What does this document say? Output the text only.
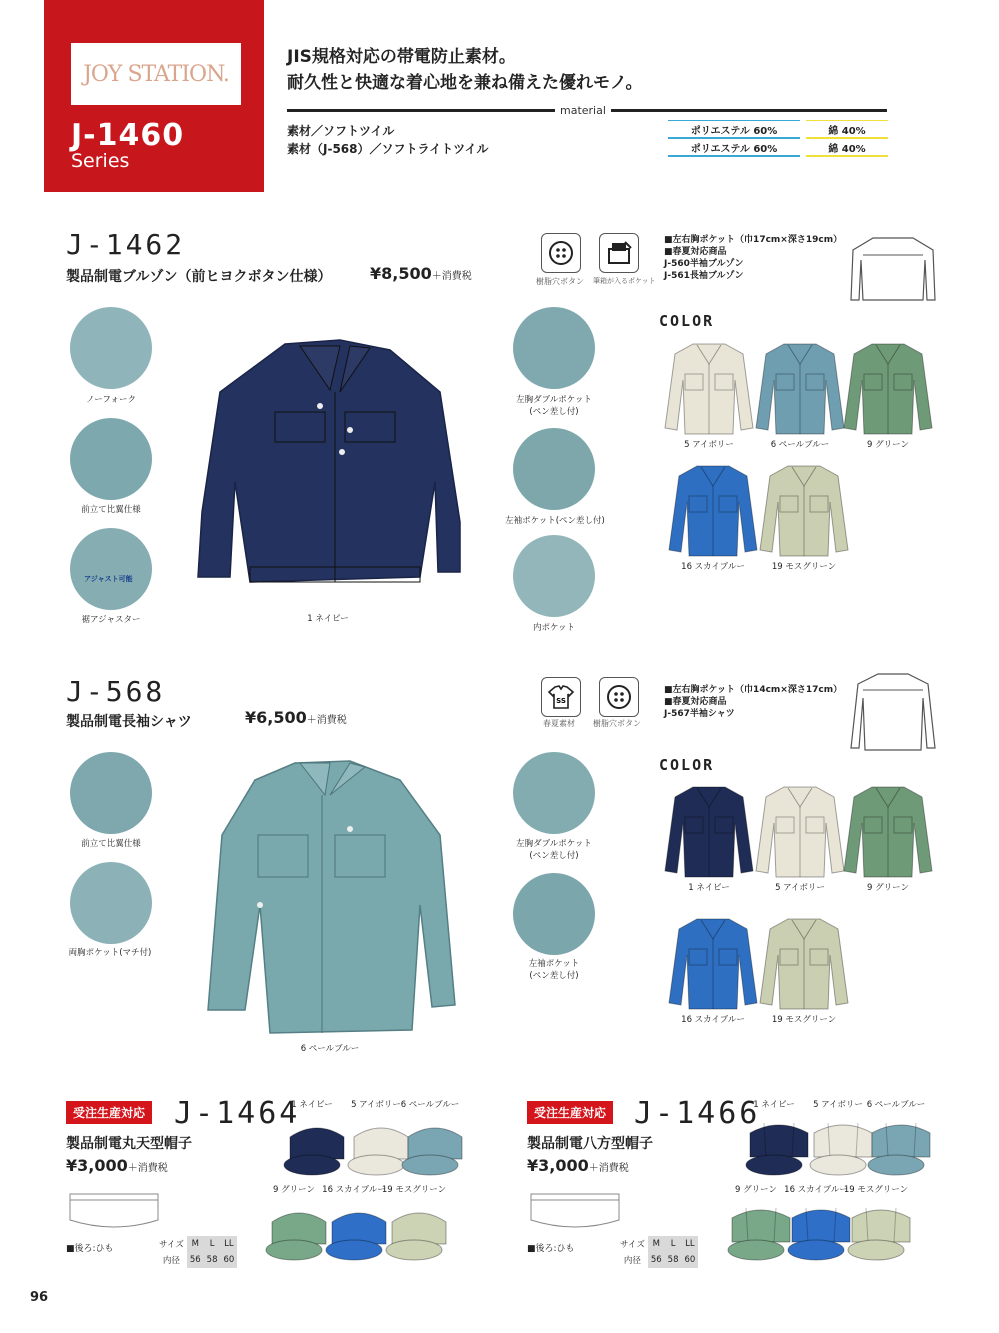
JOY STATION.
J-1460
Series
JIS規格対応の帯電防止素材。
耐久性と快適な着心地を兼ね備えた優れモノ。
material
素材／ソフトツイル
素材（J-568）／ソフトライトツイル
ポリエステル 60%	綿 40%
ポリエステル 60%	綿 40%
J-1462
製品制電ブルゾン（前ヒヨクボタン仕様） ¥8,500＋消費税	樹脂穴ボタン 筆箱が入るポケット
■左右胸ポケット（巾17cm×深さ19cm）
■春夏対応商品
J-560半袖ブルゾン
J-561長袖ブルゾン
COLOR
1 ネイビー
ノーフォーク
前立て比翼仕様
アジャスト可能
裾アジャスター
左胸ダブルポケット
(ペン差し付)
左袖ポケット(ペン差し付)
内ポケット
5 アイボリー	6 ペールブルー	9 グリーン
16 スカイブルー	19 モスグリーン
J-568
製品制電長袖シャツ	¥6,500＋消費税
SS
春夏素材 樹脂穴ボタン
■左右胸ポケット（巾14cm×深さ17cm）
■春夏対応商品
J-567半袖シャツ
COLOR
6 ペールブルー
前立て比翼仕様
両胸ポケット(マチ付)
左胸ダブルポケット
(ペン差し付)
左袖ポケット
(ペン差し付)
1 ネイビー	5 アイボリー	9 グリーン
16 スカイブルー	19 モスグリーン
受注生産対応 J-1464
製品制電丸天型帽子
¥3,000＋消費税
■後ろ:ひも	サイズ	M	L	LL
内径	56	58	60
1 ネイビー	5 アイボリー 6 ペールブルー
9 グリーン 16 スカイブルー
19 モスグリーン
受注生産対応 J-1466
製品制電八方型帽子
¥3,000＋消費税
■後ろ:ひも	サイズ	M	L	LL
内径	56	58	60
1 ネイビー	5 アイボリー 6 ペールブルー
9 グリーン 16 スカイブルー
19 モスグリーン
96
